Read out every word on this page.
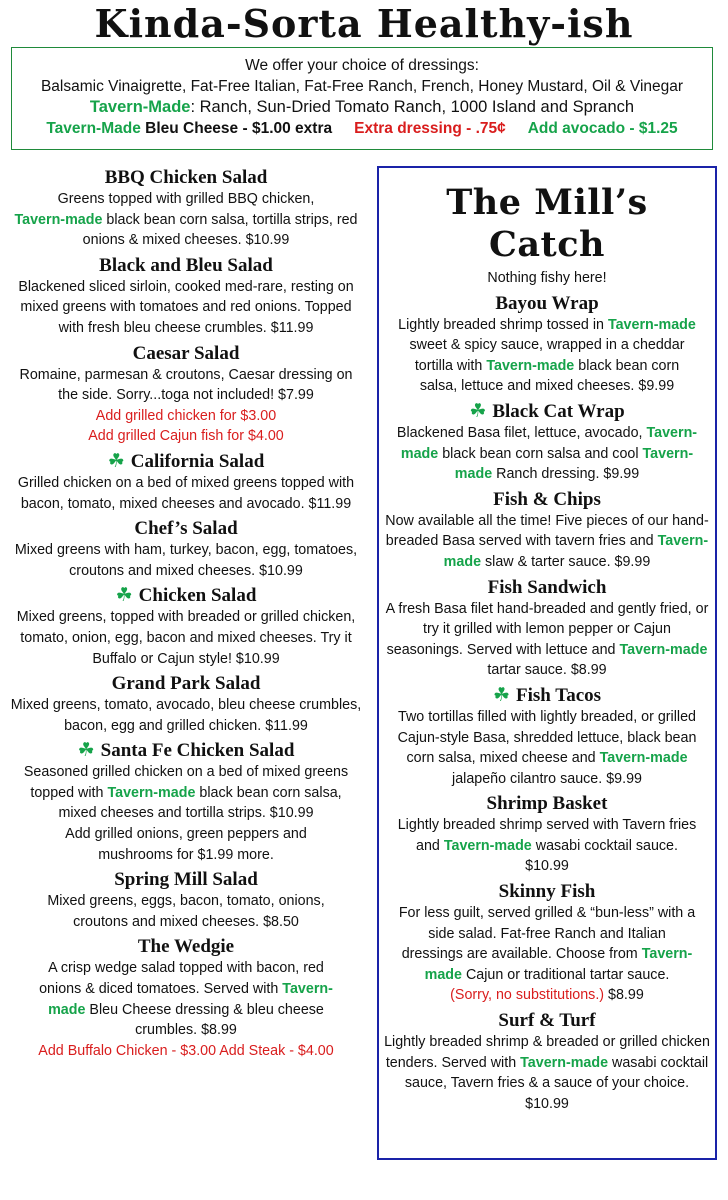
Kinda-Sorta Healthy-ish
We offer your choice of dressings:
Balsamic Vinaigrette, Fat-Free Italian, Fat-Free Ranch, French, Honey Mustard, Oil & Vinegar
Tavern-Made: Ranch, Sun-Dried Tomato Ranch, 1000 Island and Spranch
Tavern-Made Bleu Cheese - $1.00 extra Extra dressing - .75¢ Add avocado - $1.25
BBQ Chicken Salad

Greens topped with grilled BBQ chicken,
Tavern-made black bean corn salsa, tortilla strips, red onions & mixed cheeses. $10.99

Black and Bleu Salad

Blackened sliced sirloin, cooked med-rare, resting on mixed greens with tomatoes and red onions. Topped with fresh bleu cheese crumbles. $11.99

Caesar Salad

Romaine, parmesan & croutons, Caesar dressing on the side. Sorry...toga not included! $7.99

Add grilled chicken for $3.00

Add grilled Cajun fish for $4.00

☘ California Salad

Grilled chicken on a bed of mixed greens topped with bacon, tomato, mixed cheeses and avocado. $11.99

Chef’s Salad

Mixed greens with ham, turkey, bacon, egg, tomatoes, croutons and mixed cheeses. $10.99

☘ Chicken Salad

Mixed greens, topped with breaded or grilled chicken, tomato, onion, egg, bacon and mixed cheeses. Try it Buffalo or Cajun style! $10.99

Grand Park Salad

Mixed greens, tomato, avocado, bleu cheese crumbles, bacon, egg and grilled chicken. $11.99

☘ Santa Fe Chicken Salad

Seasoned grilled chicken on a bed of mixed greens topped with Tavern-made black bean corn salsa, mixed cheeses and tortilla strips. $10.99

Add grilled onions, green peppers and mushrooms for $1.99 more.

Spring Mill Salad

Mixed greens, eggs, bacon, tomato, onions, croutons and mixed cheeses. $8.50

The Wedgie

A crisp wedge salad topped with bacon, red onions & diced tomatoes. Served with Tavern-made Bleu Cheese dressing & bleu cheese crumbles. $8.99

Add Buffalo Chicken - $3.00 Add Steak - $4.00

The Mill’s Catch
Nothing fishy here!
Bayou Wrap

Lightly breaded shrimp tossed in Tavern-made sweet & spicy sauce, wrapped in a cheddar tortilla with Tavern-made black bean corn salsa, lettuce and mixed cheeses. $9.99

☘ Black Cat Wrap

Blackened Basa filet, lettuce, avocado, Tavern-made black bean corn salsa and cool Tavern-made Ranch dressing. $9.99

Fish & Chips

Now available all the time! Five pieces of our hand-breaded Basa served with tavern fries and Tavern-made slaw & tarter sauce. $9.99

Fish Sandwich

A fresh Basa filet hand-breaded and gently fried, or try it grilled with lemon pepper or Cajun seasonings. Served with lettuce and Tavern-made tartar sauce. $8.99

☘ Fish Tacos

Two tortillas filled with lightly breaded, or grilled Cajun-style Basa, shredded lettuce, black bean corn salsa, mixed cheese and Tavern-made jalapeño cilantro sauce. $9.99

Shrimp Basket

Lightly breaded shrimp served with Tavern fries and Tavern-made wasabi cocktail sauce. $10.99

Skinny Fish

For less guilt, served grilled & “bun-less” with a side salad. Fat-free Ranch and Italian dressings are available. Choose from Tavern-made Cajun or traditional tartar sauce.
(Sorry, no substitutions.) $8.99

Surf & Turf

Lightly breaded shrimp & breaded or grilled chicken tenders. Served with Tavern-made wasabi cocktail sauce, Tavern fries & a sauce of your choice. $10.99
